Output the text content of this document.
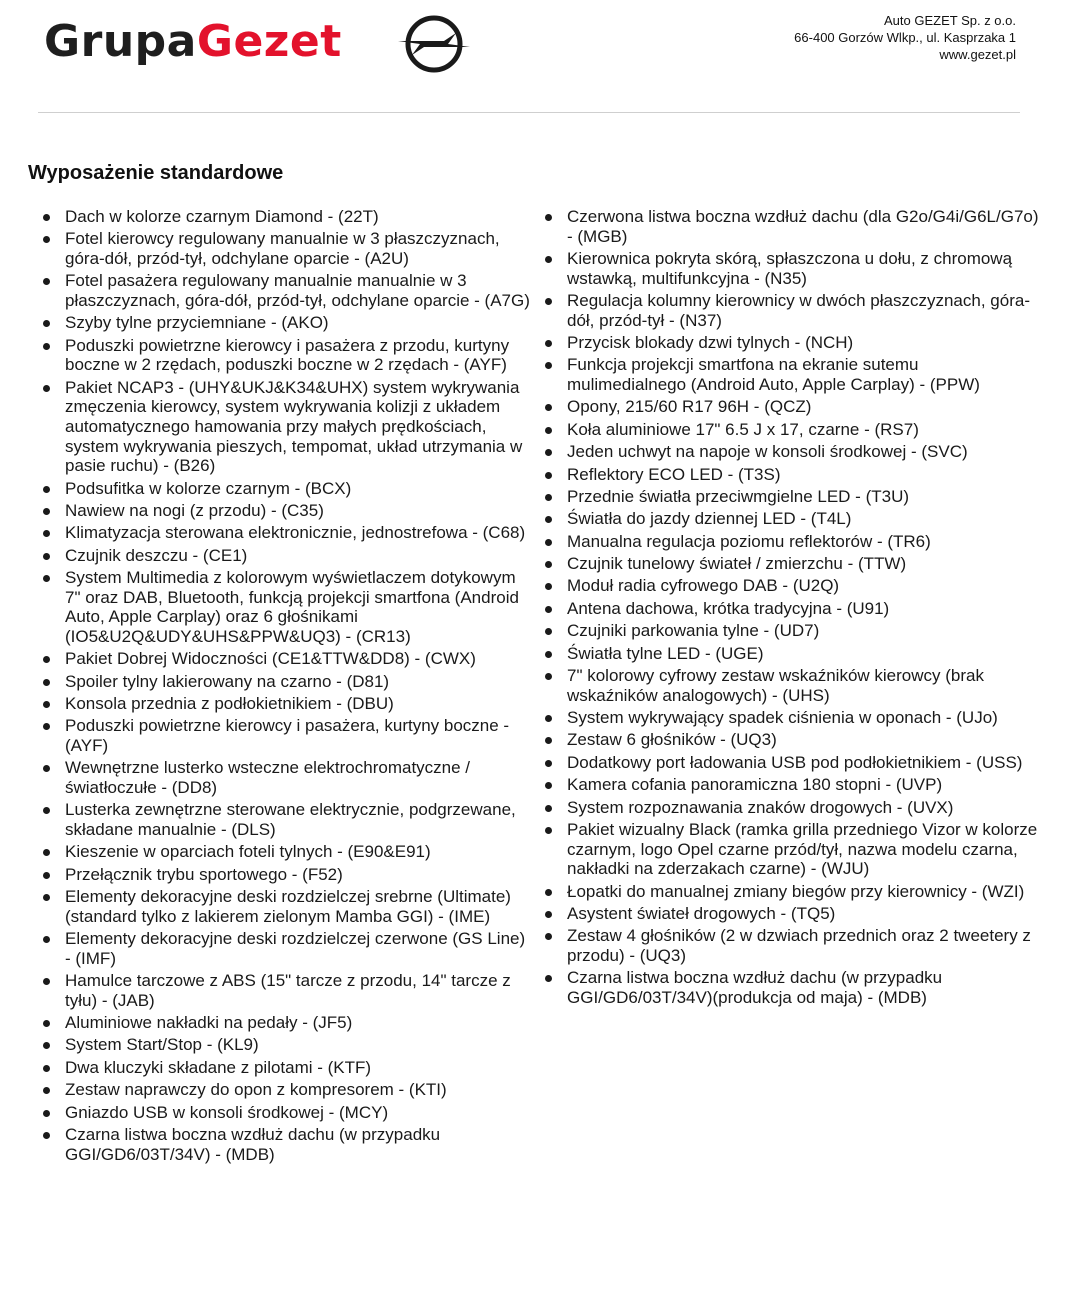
GrupaGezet	Auto GEZET Sp. z o.o.
66-400 Gorzów Wlkp., ul. Kasprzaka 1
www.gezet.pl
Wyposażenie standardowe
Dach w kolorze czarnym Diamond - (22T)
Fotel kierowcy regulowany manualnie w 3 płaszczyznach, góra-dół, przód-tył, odchylane oparcie - (A2U)
Fotel pasażera regulowany manualnie manualnie w 3 płaszczyznach, góra-dół, przód-tył, odchylane oparcie - (A7G)
Szyby tylne przyciemniane - (AKO)
Poduszki powietrzne kierowcy i pasażera z przodu, kurtyny boczne w 2 rzędach, poduszki boczne w 2 rzędach - (AYF)
Pakiet NCAP3 - (UHY&UKJ&K34&UHX) system wykrywania zmęczenia kierowcy, system wykrywania kolizji z układem automatycznego hamowania przy małych prędkościach, system wykrywania pieszych, tempomat, układ utrzymania w pasie ruchu) - (B26)
Podsufitka w kolorze czarnym - (BCX)
Nawiew na nogi (z przodu) - (C35)
Klimatyzacja sterowana elektronicznie, jednostrefowa - (C68)
Czujnik deszczu - (CE1)
System Multimedia z kolorowym wyświetlaczem dotykowym 7" oraz DAB, Bluetooth, funkcją projekcji smartfona (Android Auto, Apple Carplay) oraz 6 głośnikami (IO5&U2Q&UDY&UHS&PPW&UQ3) - (CR13)
Pakiet Dobrej Widoczności (CE1&TTW&DD8) - (CWX)
Spoiler tylny lakierowany na czarno - (D81)
Konsola przednia z podłokietnikiem - (DBU)
Poduszki powietrzne kierowcy i pasażera, kurtyny boczne - (AYF)
Wewnętrzne lusterko wsteczne elektrochromatyczne / światłoczułe - (DD8)
Lusterka zewnętrzne sterowane elektrycznie, podgrzewane, składane manualnie - (DLS)
Kieszenie w oparciach foteli tylnych - (E90&E91)
Przełącznik trybu sportowego - (F52)
Elementy dekoracyjne deski rozdzielczej srebrne (Ultimate) (standard tylko z lakierem zielonym Mamba GGI) - (IME)
Elementy dekoracyjne deski rozdzielczej czerwone (GS Line) - (IMF)
Hamulce tarczowe z ABS (15" tarcze z przodu, 14" tarcze z tyłu) - (JAB)
Aluminiowe nakładki na pedały - (JF5)
System Start/Stop - (KL9)
Dwa kluczyki składane z pilotami - (KTF)
Zestaw naprawczy do opon z kompresorem - (KTI)
Gniazdo USB w konsoli środkowej - (MCY)
Czarna listwa boczna wzdłuż dachu (w przypadku GGI/GD6/03T/34V) - (MDB)
Czerwona listwa boczna wzdłuż dachu (dla G2o/G4i/G6L/G7o) - (MGB)
Kierownica pokryta skórą, spłaszczona u dołu, z chromową wstawką, multifunkcyjna - (N35)
Regulacja kolumny kierownicy w dwóch płaszczyznach, góra-dół, przód-tył - (N37)
Przycisk blokady dzwi tylnych - (NCH)
Funkcja projekcji smartfona na ekranie sutemu mulimedialnego (Android Auto, Apple Carplay) - (PPW)
Opony, 215/60 R17 96H - (QCZ)
Koła aluminiowe 17" 6.5 J x 17, czarne - (RS7)
Jeden uchwyt na napoje w konsoli środkowej - (SVC)
Reflektory ECO LED - (T3S)
Przednie światła przeciwmgielne LED - (T3U)
Światła do jazdy dziennej LED - (T4L)
Manualna regulacja poziomu reflektorów - (TR6)
Czujnik tunelowy świateł / zmierzchu - (TTW)
Moduł radia cyfrowego DAB - (U2Q)
Antena dachowa, krótka tradycyjna - (U91)
Czujniki parkowania tylne - (UD7)
Światła tylne LED - (UGE)
7" kolorowy cyfrowy zestaw wskaźników kierowcy (brak wskaźników analogowych) - (UHS)
System wykrywający spadek ciśnienia w oponach - (UJo)
Zestaw 6 głośników - (UQ3)
Dodatkowy port ładowania USB pod podłokietnikiem - (USS)
Kamera cofania panoramiczna 180 stopni - (UVP)
System rozpoznawania znaków drogowych - (UVX)
Pakiet wizualny Black (ramka grilla przedniego Vizor w kolorze czarnym, logo Opel czarne przód/tył, nazwa modelu czarna, nakładki na zderzakach czarne) - (WJU)
Łopatki do manualnej zmiany biegów przy kierownicy - (WZI)
Asystent świateł drogowych - (TQ5)
Zestaw 4 głośników (2 w dzwiach przednich oraz 2 tweetery z przodu) - (UQ3)
Czarna listwa boczna wzdłuż dachu (w przypadku GGI/GD6/03T/34V)(produkcja od maja) - (MDB)
